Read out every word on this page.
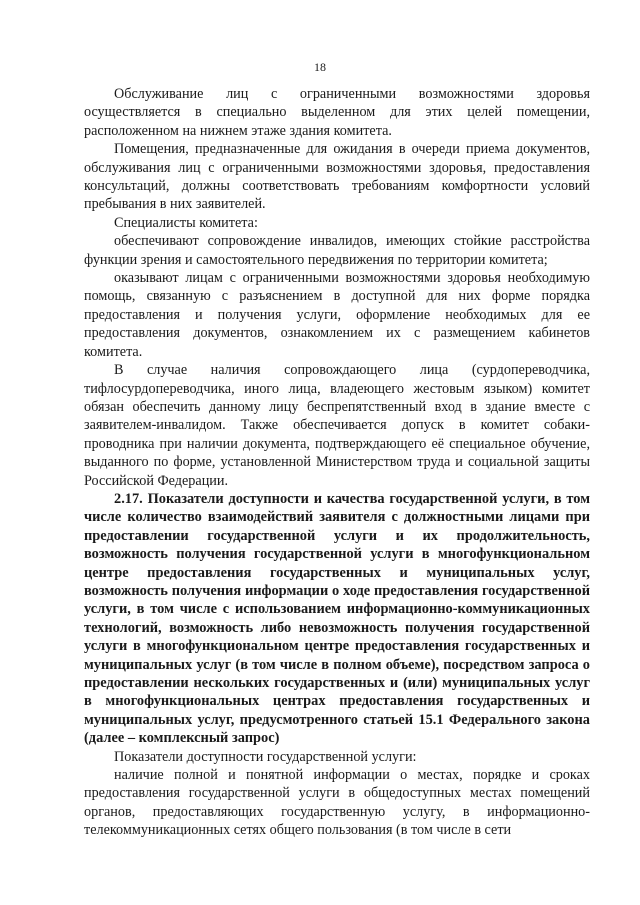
18

Обслуживание лиц с ограниченными возможностями здоровья осуществляется в специально выделенном для этих целей помещении, расположенном на нижнем этаже здания комитета.

Помещения, предназначенные для ожидания в очереди приема документов, обслуживания лиц с ограниченными возможностями здоровья, предоставления консультаций, должны соответствовать требованиям комфортности условий пребывания в них заявителей.

Специалисты комитета:

обеспечивают сопровождение инвалидов, имеющих стойкие расстройства функции зрения и самостоятельного передвижения по территории комитета;

оказывают лицам с ограниченными возможностями здоровья необходимую помощь, связанную с разъяснением в доступной для них форме порядка предоставления и получения услуги, оформление необходимых для ее предоставления документов, ознакомлением их с размещением кабинетов комитета.

В случае наличия сопровождающего лица (сурдопереводчика, тифлосурдопереводчика, иного лица, владеющего жестовым языком) комитет обязан обеспечить данному лицу беспрепятственный вход в здание вместе с заявителем-инвалидом. Также обеспечивается допуск в комитет собаки-проводника при наличии документа, подтверждающего её специальное обучение, выданного по форме, установленной Министерством труда и социальной защиты Российской Федерации.

2.17. Показатели доступности и качества государственной услуги, в том числе количество взаимодействий заявителя с должностными лицами при предоставлении государственной услуги и их продолжительность, возможность получения государственной услуги в многофункциональном центре предоставления государственных и муниципальных услуг, возможность получения информации о ходе предоставления государственной услуги, в том числе с использованием информационно-коммуникационных технологий, возможность либо невозможность получения государственной услуги в многофункциональном центре предоставления государственных и муниципальных услуг (в том числе в полном объеме), посредством запроса о предоставлении нескольких государственных и (или) муниципальных услуг в многофункциональных центрах предоставления государственных и муниципальных услуг, предусмотренного статьей 15.1 Федерального закона (далее – комплексный запрос)

Показатели доступности государственной услуги:

наличие полной и понятной информации о местах, порядке и сроках предоставления государственной услуги в общедоступных местах помещений органов, предоставляющих государственную услугу, в информационно-телекоммуникационных сетях общего пользования (в том числе в сети
